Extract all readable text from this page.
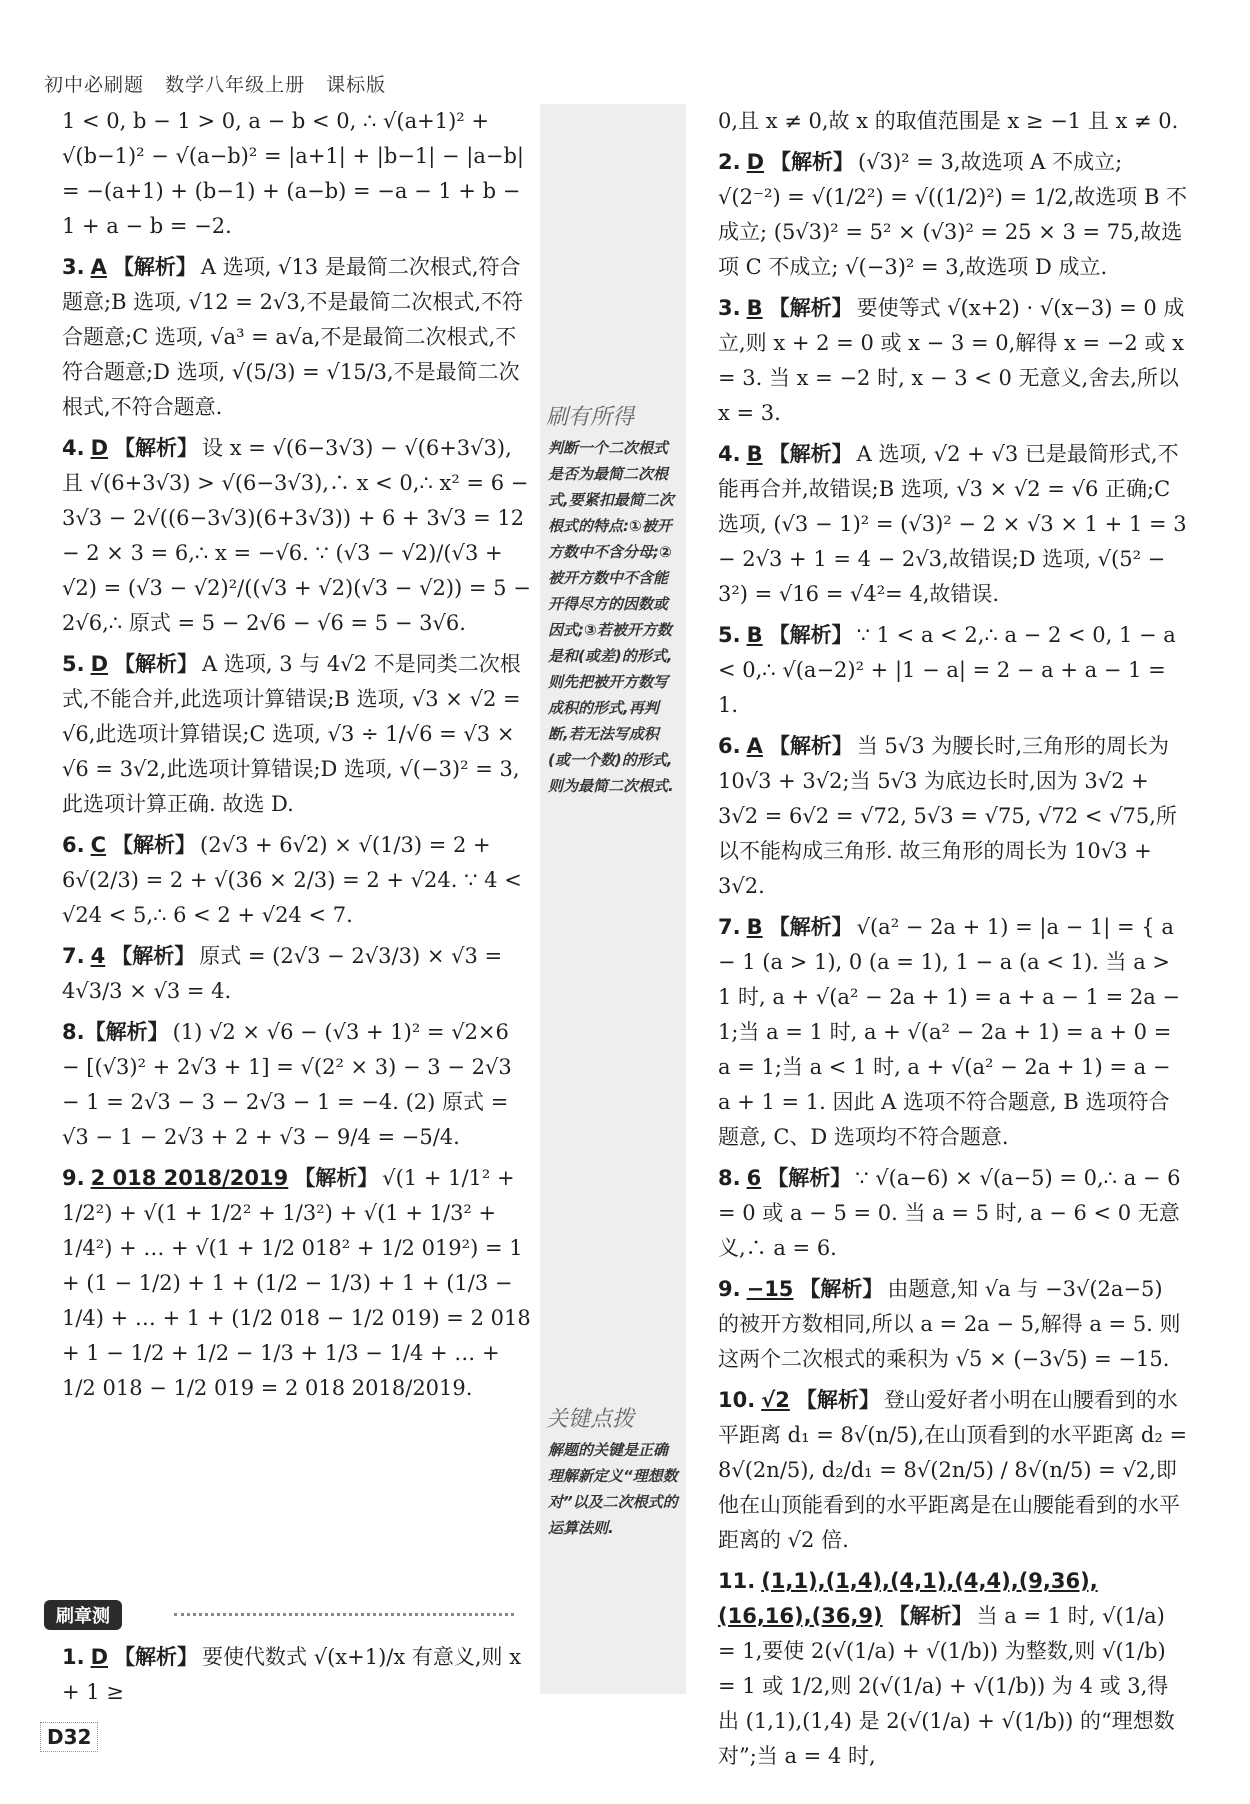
初中必刷题 数学八年级上册 课标版
1 < 0, b − 1 > 0, a − b < 0, ∴ √(a+1)² + √(b−1)² − √(a−b)² = |a+1| + |b−1| − |a−b| = −(a+1) + (b−1) + (a−b) = −a − 1 + b − 1 + a − b = −2.
3. A 【解析】 A 选项, √13 是最简二次根式,符合题意;B 选项, √12 = 2√3,不是最简二次根式,不符合题意;C 选项, √a³ = a√a,不是最简二次根式,不符合题意;D 选项, √(5/3) = √15/3,不是最简二次根式,不符合题意.
4. D 【解析】 设 x = √(6−3√3) − √(6+3√3),且 √(6+3√3) > √(6−3√3),∴ x < 0,∴ x² = 6 − 3√3 − 2√((6−3√3)(6+3√3)) + 6 + 3√3 = 12 − 2 × 3 = 6,∴ x = −√6. ∵ (√3 − √2)/(√3 + √2) = (√3 − √2)²/((√3 + √2)(√3 − √2)) = 5 − 2√6,∴ 原式 = 5 − 2√6 − √6 = 5 − 3√6.
5. D 【解析】 A 选项, 3 与 4√2 不是同类二次根式,不能合并,此选项计算错误;B 选项, √3 × √2 = √6,此选项计算错误;C 选项, √3 ÷ 1/√6 = √3 × √6 = 3√2,此选项计算错误;D 选项, √(−3)² = 3,此选项计算正确. 故选 D.
6. C 【解析】 (2√3 + 6√2) × √(1/3) = 2 + 6√(2/3) = 2 + √(36 × 2/3) = 2 + √24. ∵ 4 < √24 < 5,∴ 6 < 2 + √24 < 7.
7. 4 【解析】 原式 = (2√3 − 2√3/3) × √3 = 4√3/3 × √3 = 4.
8.【解析】 (1) √2 × √6 − (√3 + 1)² = √2×6 − [(√3)² + 2√3 + 1] = √(2² × 3) − 3 − 2√3 − 1 = 2√3 − 3 − 2√3 − 1 = −4. (2) 原式 = √3 − 1 − 2√3 + 2 + √3 − 9/4 = −5/4.
9. 2 018 2018/2019 【解析】 √(1 + 1/1² + 1/2²) + √(1 + 1/2² + 1/3²) + √(1 + 1/3² + 1/4²) + … + √(1 + 1/2 018² + 1/2 019²) = 1 + (1 − 1/2) + 1 + (1/2 − 1/3) + 1 + (1/3 − 1/4) + … + 1 + (1/2 018 − 1/2 019) = 2 018 + 1 − 1/2 + 1/2 − 1/3 + 1/3 − 1/4 + … + 1/2 018 − 1/2 019 = 2 018 2018/2019.
刷有所得
判断一个二次根式是否为最简二次根式,要紧扣最简二次根式的特点:①被开方数中不含分母;②被开方数中不含能开得尽方的因数或因式;③若被开方数是和(或差)的形式,则先把被开方数写成积的形式,再判断,若无法写成积(或一个数)的形式,则为最简二次根式.
关键点拨
解题的关键是正确理解新定义“理想数对”以及二次根式的运算法则.
刷章测
1. D 【解析】 要使代数式 √(x+1)/x 有意义,则 x + 1 ≥
0,且 x ≠ 0,故 x 的取值范围是 x ≥ −1 且 x ≠ 0.
2. D 【解析】 (√3)² = 3,故选项 A 不成立; √(2⁻²) = √(1/2²) = √((1/2)²) = 1/2,故选项 B 不成立; (5√3)² = 5² × (√3)² = 25 × 3 = 75,故选项 C 不成立; √(−3)² = 3,故选项 D 成立.
3. B 【解析】 要使等式 √(x+2) · √(x−3) = 0 成立,则 x + 2 = 0 或 x − 3 = 0,解得 x = −2 或 x = 3. 当 x = −2 时, x − 3 < 0 无意义,舍去,所以 x = 3.
4. B 【解析】 A 选项, √2 + √3 已是最简形式,不能再合并,故错误;B 选项, √3 × √2 = √6 正确;C 选项, (√3 − 1)² = (√3)² − 2 × √3 × 1 + 1 = 3 − 2√3 + 1 = 4 − 2√3,故错误;D 选项, √(5² − 3²) = √16 = √4²= 4,故错误.
5. B 【解析】 ∵ 1 < a < 2,∴ a − 2 < 0, 1 − a < 0,∴ √(a−2)² + |1 − a| = 2 − a + a − 1 = 1.
6. A 【解析】 当 5√3 为腰长时,三角形的周长为 10√3 + 3√2;当 5√3 为底边长时,因为 3√2 + 3√2 = 6√2 = √72, 5√3 = √75, √72 < √75,所以不能构成三角形. 故三角形的周长为 10√3 + 3√2.
7. B 【解析】 √(a² − 2a + 1) = |a − 1| = { a − 1 (a > 1), 0 (a = 1), 1 − a (a < 1). 当 a > 1 时, a + √(a² − 2a + 1) = a + a − 1 = 2a − 1;当 a = 1 时, a + √(a² − 2a + 1) = a + 0 = a = 1;当 a < 1 时, a + √(a² − 2a + 1) = a − a + 1 = 1. 因此 A 选项不符合题意, B 选项符合题意, C、D 选项均不符合题意.
8. 6 【解析】 ∵ √(a−6) × √(a−5) = 0,∴ a − 6 = 0 或 a − 5 = 0. 当 a = 5 时, a − 6 < 0 无意义,∴ a = 6.
9. −15 【解析】 由题意,知 √a 与 −3√(2a−5) 的被开方数相同,所以 a = 2a − 5,解得 a = 5. 则这两个二次根式的乘积为 √5 × (−3√5) = −15.
10. √2 【解析】 登山爱好者小明在山腰看到的水平距离 d₁ = 8√(n/5),在山顶看到的水平距离 d₂ = 8√(2n/5), d₂/d₁ = 8√(2n/5) / 8√(n/5) = √2,即他在山顶能看到的水平距离是在山腰能看到的水平距离的 √2 倍.
11. (1,1),(1,4),(4,1),(4,4),(9,36),(16,16),(36,9) 【解析】 当 a = 1 时, √(1/a) = 1,要使 2(√(1/a) + √(1/b)) 为整数,则 √(1/b) = 1 或 1/2,则 2(√(1/a) + √(1/b)) 为 4 或 3,得出 (1,1),(1,4) 是 2(√(1/a) + √(1/b)) 的“理想数对”;当 a = 4 时,
D32
